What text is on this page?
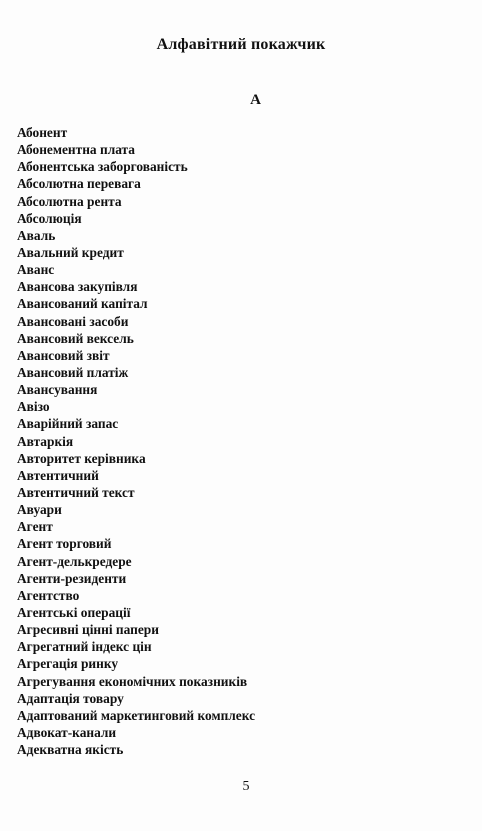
Алфавітний покажчик
А
Абонент
Абонементна плата
Абонентська заборгованість
Абсолютна перевага
Абсолютна рента
Абсолюція
Аваль
Авальний кредит
Аванс
Авансова закупівля
Авансований капітал
Авансовані засоби
Авансовий вексель
Авансовий звіт
Авансовий платіж
Авансування
Авізо
Аварійний запас
Автаркія
Авторитет керівника
Автентичний
Автентичний текст
Авуари
Агент
Агент торговий
Агент-делькредере
Агенти-резиденти
Агентство
Агентські операції
Агресивні цінні папери
Агрегатний індекс цін
Агрегація ринку
Агрегування економічних показників
Адаптація товару
Адаптований маркетинговий комплекс
Адвокат-канали
Адекватна якість
5
